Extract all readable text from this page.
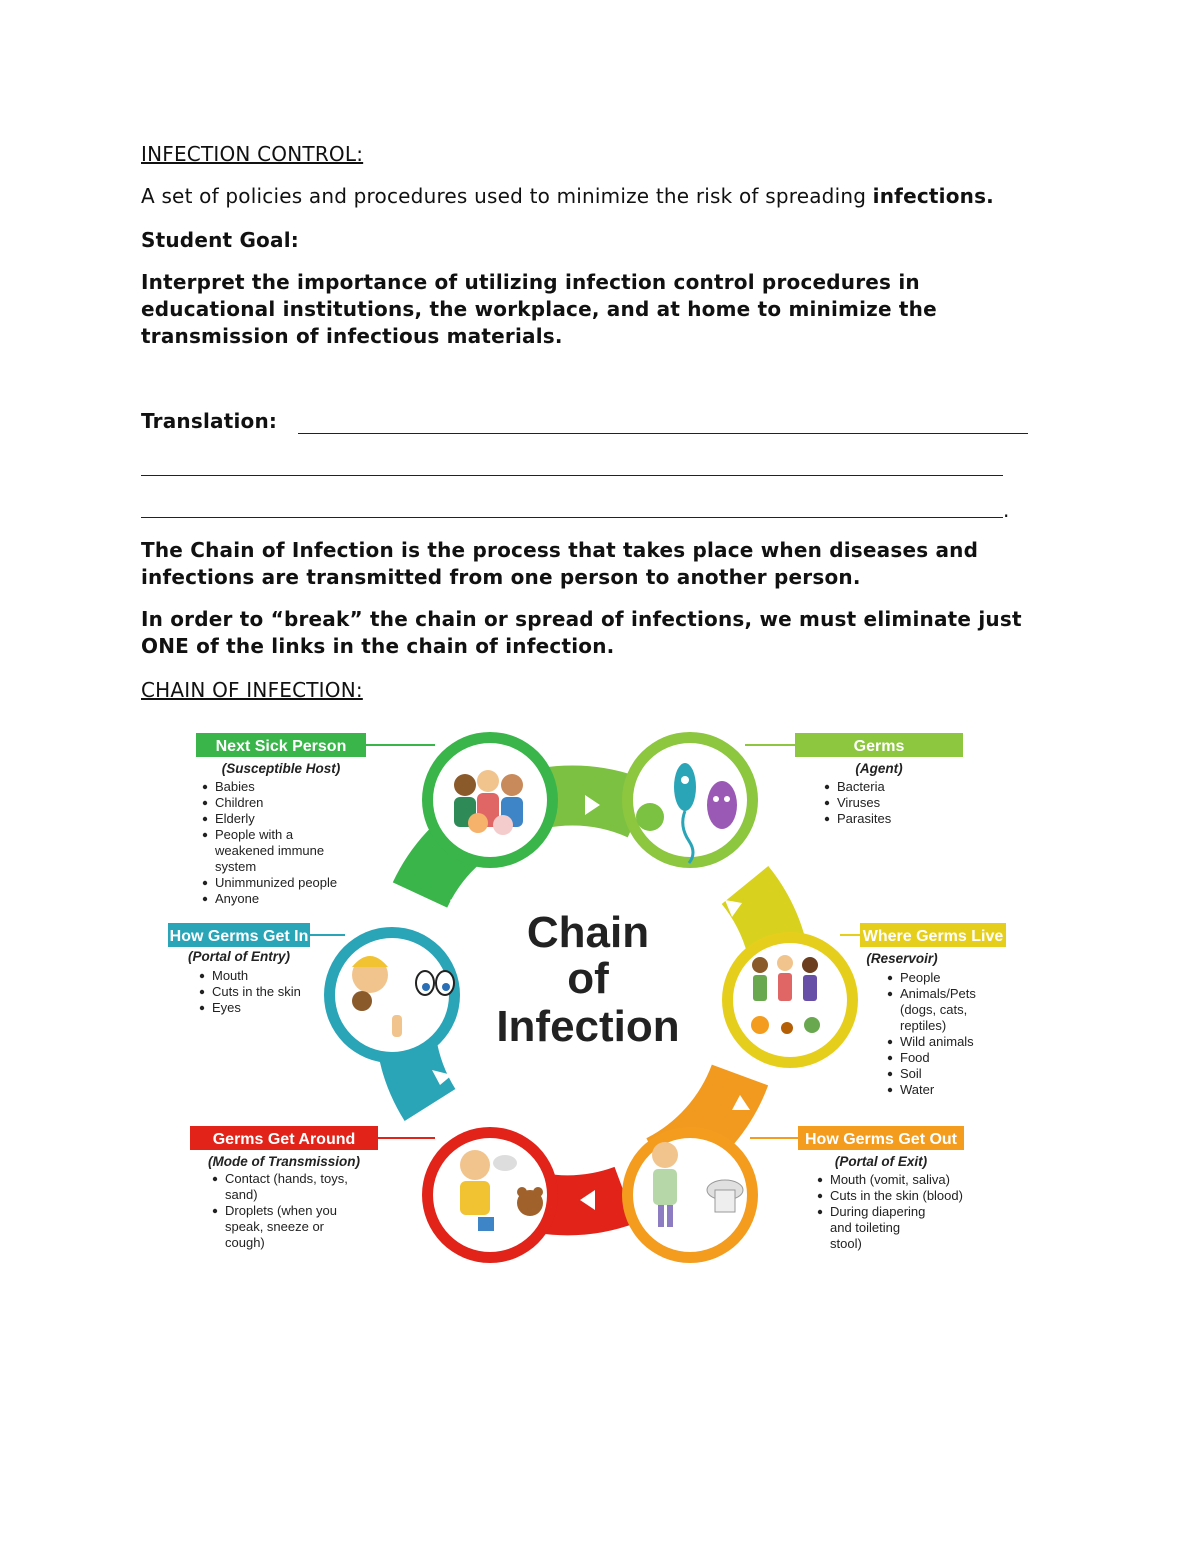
INFECTION CONTROL:

A set of policies and procedures used to minimize the risk of spreading infections.

Student Goal:

Interpret the importance of utilizing infection control procedures in educational institutions, the workplace, and at home to minimize the transmission of infectious materials.

Translation:

.

The Chain of Infection is the process that takes place when diseases and infections are transmitted from one person to another person.

In order to “break” the chain or spread of infections, we must eliminate just ONE of the links in the chain of infection.

CHAIN OF INFECTION:

Chain
of
Infection
Next Sick Person
(Susceptible Host)
Babies
Children
Elderly
People with a
weakened immune
system
Unimmunized people
Anyone
Germs
(Agent)
Bacteria
Viruses
Parasites
How Germs Get In
(Portal of Entry)
Mouth
Cuts in the skin
Eyes
Where Germs Live
(Reservoir)
People
Animals/Pets
(dogs, cats,
reptiles)
Wild animals
Food
Soil
Water
Germs Get Around
(Mode of Transmission)
Contact (hands, toys,
sand)
Droplets (when you
speak, sneeze or
cough)
How Germs Get Out
(Portal of Exit)
Mouth (vomit, saliva)
Cuts in the skin (blood)
During diapering
and toileting
stool)
